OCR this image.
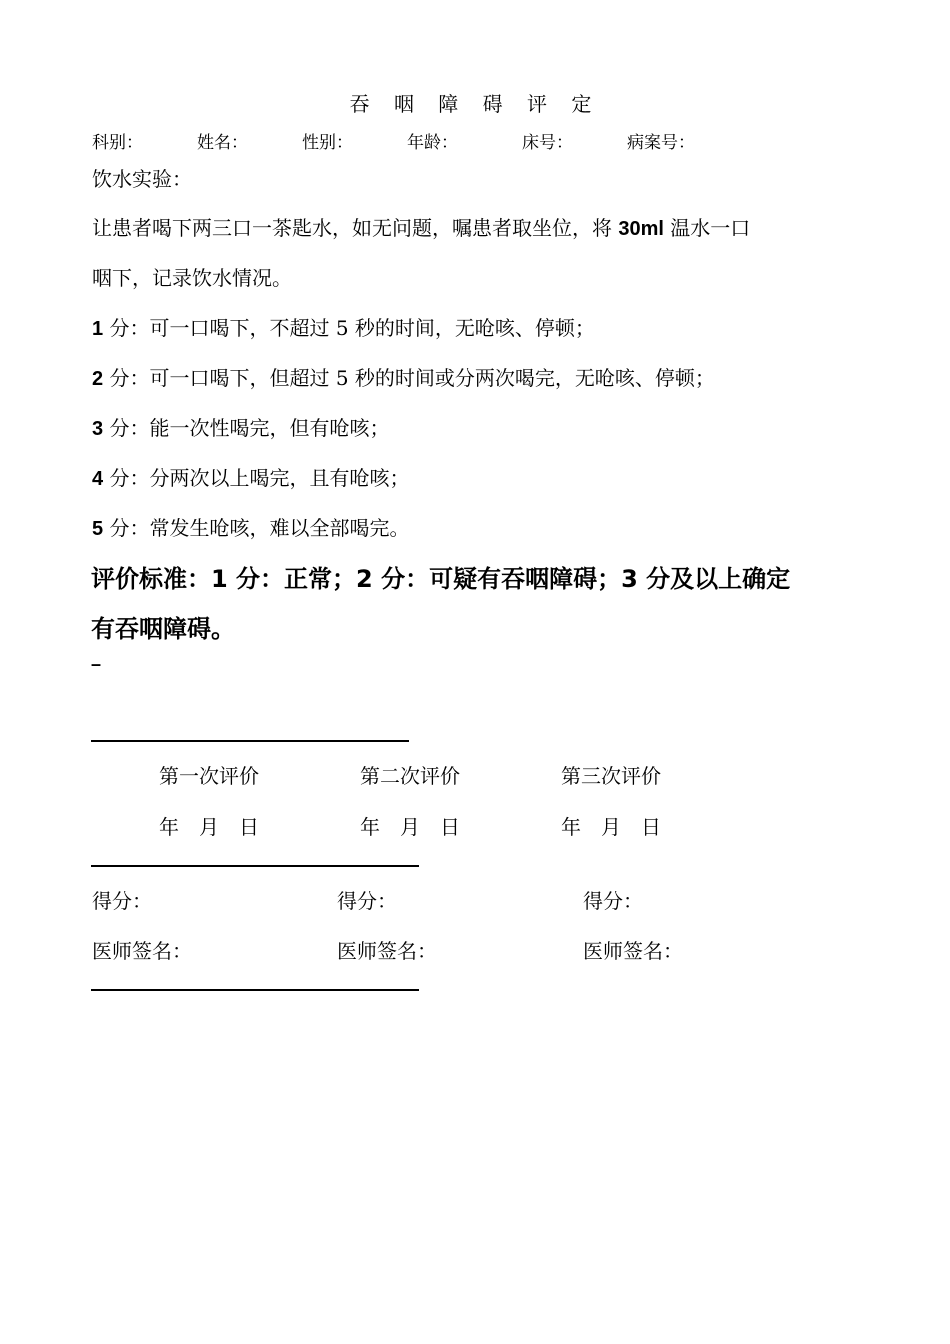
吞 咽 障 碍 评 定
科别：	姓名：	性别：	年龄：	床号：	病案号：
饮水实验：
让患者喝下两三口一茶匙水，如无问题，嘱患者取坐位，将 30ml 温水一口
咽下，记录饮水情况。
1 分：可一口喝下，不超过 5 秒的时间，无呛咳、停顿；
2 分：可一口喝下，但超过 5 秒的时间或分两次喝完，无呛咳、停顿；
3 分：能一次性喝完，但有呛咳；
4 分：分两次以上喝完，且有呛咳；
5 分：常发生呛咳，难以全部喝完。
评价标准：1 分：正常；2 分：可疑有吞咽障碍；3 分及以上确定
有吞咽障碍。
–
第一次评价	第二次评价	第三次评价
年　月　日	年　月　日	年　月　日
得分：	得分：	得分：
医师签名：	医师签名：	医师签名：
